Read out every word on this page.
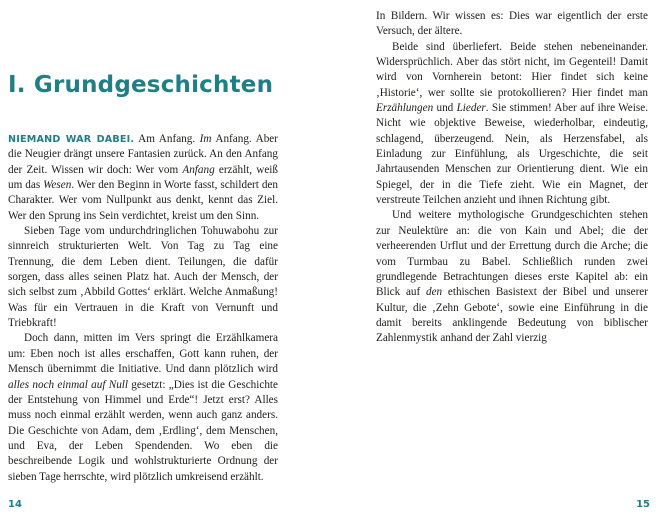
I. Grundgeschichten

NIEMAND WAR DABEI. Am Anfang. Im Anfang. Aber die Neugier drängt unsere Fantasien zurück. An den Anfang der Zeit. Wissen wir doch: Wer vom Anfang erzählt, weiß um das Wesen. Wer den Beginn in Worte fasst, schildert den Charakter. Wer vom Nullpunkt aus denkt, kennt das Ziel. Wer den Sprung ins Sein verdichtet, kreist um den Sinn.

Sieben Tage vom undurchdringlichen Tohuwabohu zur sinnreich strukturierten Welt. Von Tag zu Tag eine Trennung, die dem Leben dient. Teilungen, die dafür sorgen, dass alles seinen Platz hat. Auch der Mensch, der sich selbst zum ‚Abbild Gottes‘ erklärt. Welche Anmaßung! Was für ein Vertrauen in die Kraft von Vernunft und Triebkraft!

Doch dann, mitten im Vers springt die Erzählkamera um: Eben noch ist alles erschaffen, Gott kann ruhen, der Mensch übernimmt die Initiative. Und dann plötzlich wird alles noch einmal auf Null gesetzt: „Dies ist die Geschichte der Entstehung von Himmel und Erde“! Jetzt erst? Alles muss noch einmal erzählt werden, wenn auch ganz anders. Die Geschichte von Adam, dem ‚Erdling‘, dem Menschen, und Eva, der Leben Spendenden. Wo eben die beschreibende Logik und wohlstrukturierte Ordnung der sieben Tage herrschte, wird plötzlich umkreisend erzählt.

14

In Bildern. Wir wissen es: Dies war eigentlich der erste Versuch, der ältere.

Beide sind überliefert. Beide stehen nebeneinander. Widersprüchlich. Aber das stört nicht, im Gegenteil! Damit wird von Vornherein betont: Hier findet sich keine ‚Historie‘, wer sollte sie protokollieren? Hier findet man Erzählungen und Lieder. Sie stimmen! Aber auf ihre Weise. Nicht wie objektive Beweise, wiederholbar, eindeutig, schlagend, überzeugend. Nein, als Herzensfabel, als Einladung zur Einfühlung, als Urgeschichte, die seit Jahrtausenden Menschen zur Orientierung dient. Wie ein Spiegel, der in die Tiefe zieht. Wie ein Magnet, der verstreute Teilchen anzieht und ihnen Richtung gibt.

Und weitere mythologische Grundgeschichten stehen zur Neulektüre an: die von Kain und Abel; die der verheerenden Urflut und der Errettung durch die Arche; die vom Turmbau zu Babel. Schließlich runden zwei grundlegende Betrachtungen dieses erste Kapitel ab: ein Blick auf den ethischen Basistext der Bibel und unserer Kultur, die ‚Zehn Gebote‘, sowie eine Einführung in die damit bereits anklingende Bedeutung von biblischer Zahlenmystik anhand der Zahl vierzig

15
